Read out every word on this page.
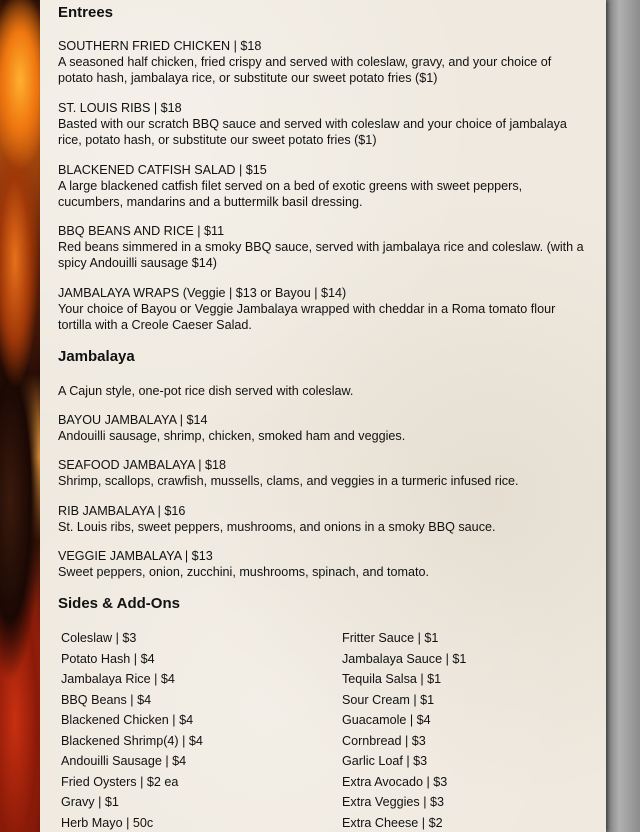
Entrees
SOUTHERN FRIED CHICKEN | $18
A seasoned half chicken, fried crispy and served with coleslaw, gravy, and your choice of potato hash, jambalaya rice, or substitute our sweet potato fries ($1)
ST. LOUIS RIBS | $18
Basted with our scratch BBQ sauce and served with coleslaw and your choice of jambalaya rice, potato hash, or substitute our sweet potato fries ($1)
BLACKENED CATFISH SALAD | $15
A large blackened catfish filet served on a bed of exotic greens with sweet peppers, cucumbers, mandarins and a buttermilk basil dressing.
BBQ BEANS AND RICE | $11
Red beans simmered in a smoky BBQ sauce, served with jambalaya rice and coleslaw. (with a spicy Andouilli sausage $14)
JAMBALAYA WRAPS (Veggie | $13 or Bayou | $14)
Your choice of Bayou or Veggie Jambalaya wrapped with cheddar in a Roma tomato flour tortilla with a Creole Caeser Salad.
Jambalaya
A Cajun style, one-pot rice dish served with coleslaw.
BAYOU JAMBALAYA | $14
Andouilli sausage, shrimp, chicken, smoked ham and veggies.
SEAFOOD JAMBALAYA | $18
Shrimp, scallops, crawfish, mussells, clams, and veggies in a turmeric infused rice.
RIB JAMBALAYA | $16
St. Louis ribs, sweet peppers, mushrooms, and onions in a smoky BBQ sauce.
VEGGIE JAMBALAYA | $13
Sweet peppers, onion, zucchini, mushrooms, spinach, and tomato.
Sides & Add-Ons
Coleslaw | $3
Potato Hash | $4
Jambalaya Rice | $4
BBQ Beans | $4
Blackened Chicken | $4
Blackened Shrimp(4) | $4
Andouilli Sausage | $4
Fried Oysters | $2 ea
Gravy | $1
Herb Mayo | 50c
Fritter Sauce | $1
Jambalaya Sauce | $1
Tequila Salsa | $1
Sour Cream | $1
Guacamole | $4
Cornbread | $3
Garlic Loaf | $3
Extra Avocado | $3
Extra Veggies | $3
Extra Cheese | $2
